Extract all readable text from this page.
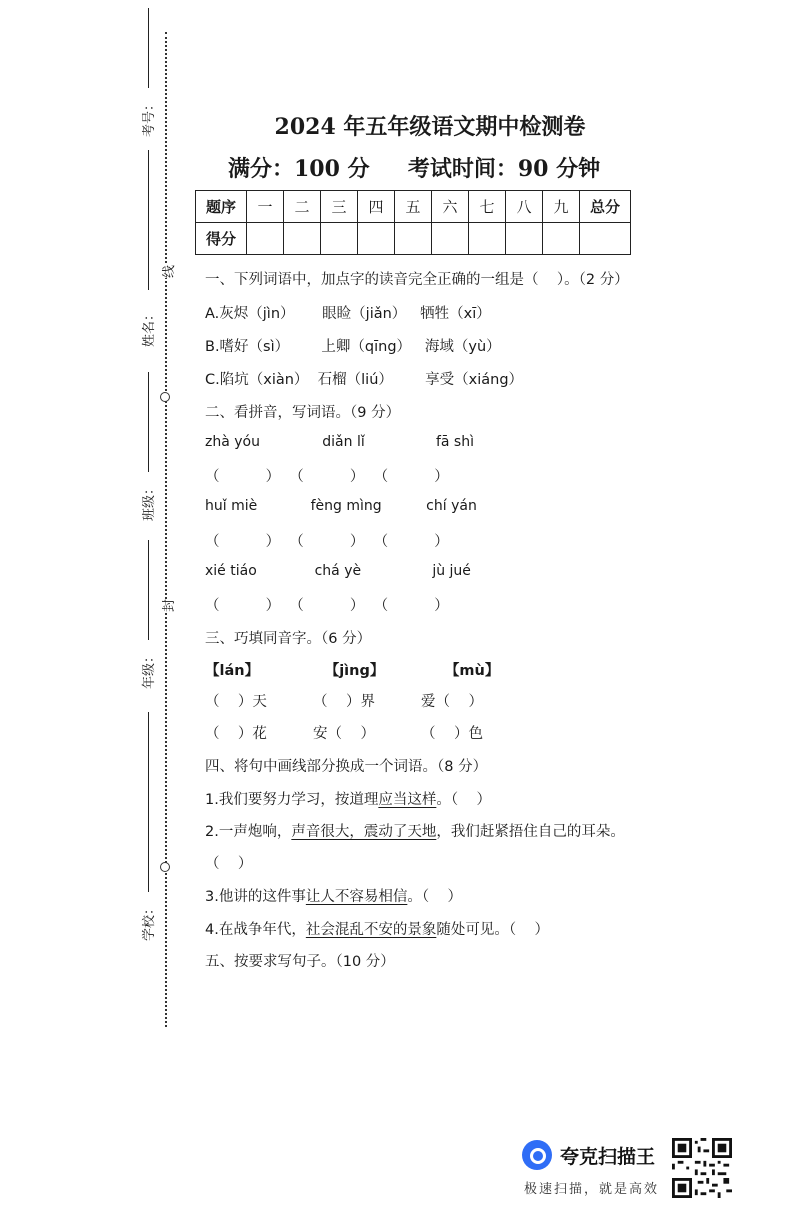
考号：
姓名：
班级：
年级：
学校：
线
封
2024 年五年级语文期中检测卷
满分：100 分     考试时间：90 分钟
题序	一	二	三	四	五	六	七	八	九	总分
得分										
一、下列词语中，加点字的读音完全正确的一组是（    ）。（2 分）
A.灰烬（jìn）      眼睑（jiǎn）   牺牲（xī）
B.嗜好（sì）       上卿（qīng）   海域（yù）
C.陷坑（xiàn）  石榴（liú）       享受（xiáng）
二、看拼音，写词语。（9 分）
zhà yóu              diǎn lǐ                fā shì
（          ）  （          ）  （          ）
huǐ miè            fèng mìng          chí yán
（          ）  （          ）  （          ）
xié tiáo             chá yè                jù jué
（          ）  （          ）  （          ）
三、巧填同音字。（6 分）
【lán】             【jìng】            【mù】
（    ）天          （    ）界          爱（    ）
（    ）花          安（    ）          （    ）色
四、将句中画线部分换成一个词语。（8 分）
1.我们要努力学习，按道理应当这样。（    ）
2.一声炮响，声音很大，震动了天地，我们赶紧捂住自己的耳朵。
（    ）
3.他讲的这件事让人不容易相信。（    ）
4.在战争年代，社会混乱不安的景象随处可见。（    ）
五、按要求写句子。（10 分）
夸克扫描王
极速扫描，就是高效
